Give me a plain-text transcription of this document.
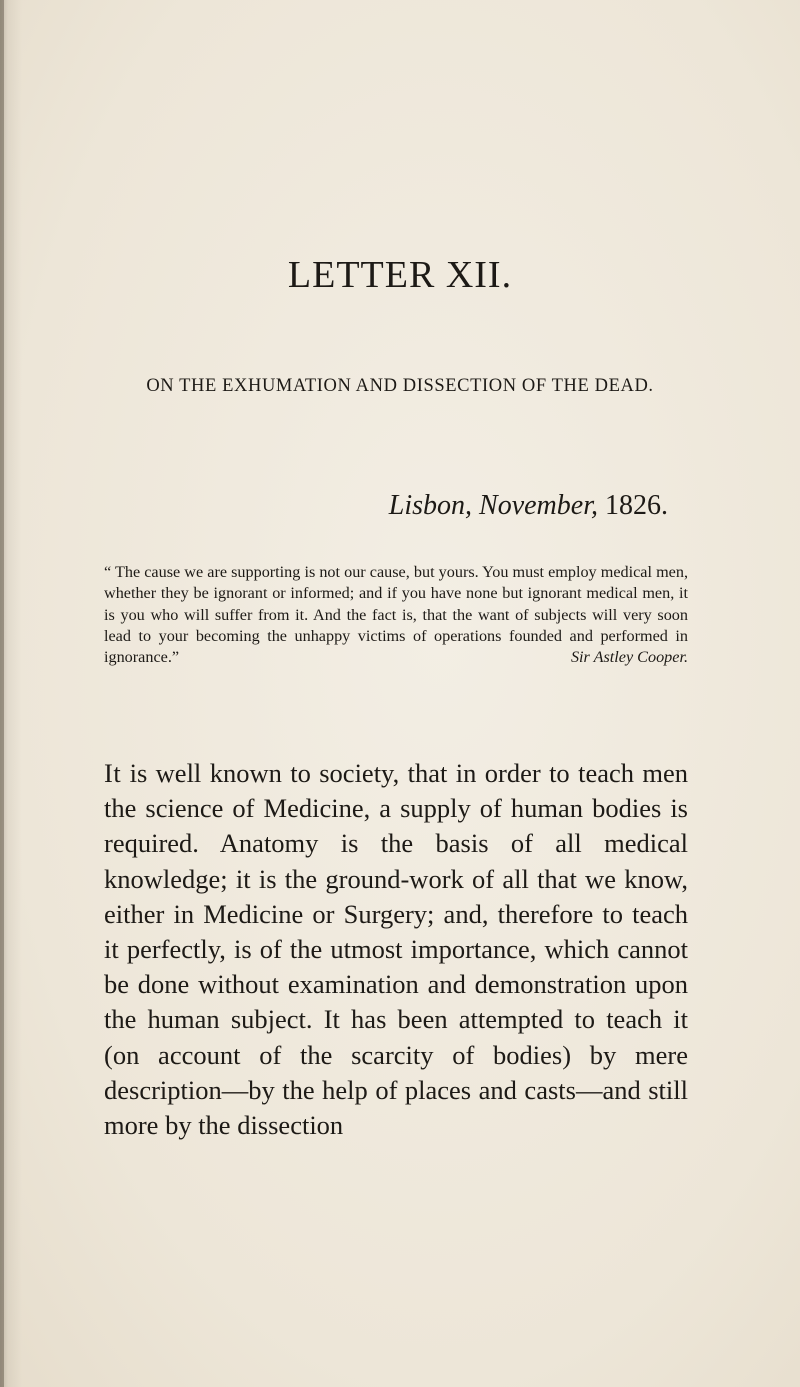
LETTER XII.

ON THE EXHUMATION AND DISSECTION OF THE DEAD.

Lisbon, November, 1826.

“ The cause we are supporting is not our cause, but yours. You must employ medical men, whether they be ignorant or informed; and if you have none but ignorant medical men, it is you who will suffer from it. And the fact is, that the want of subjects will very soon lead to your becoming the unhappy victims of operations founded and performed in ignorance.”	Sir Astley Cooper.

It is well known to society, that in order to teach men the science of Medicine, a supply of human bodies is required. Anatomy is the basis of all medical knowledge; it is the ground-work of all that we know, either in Medicine or Surgery; and, therefore to teach it perfectly, is of the utmost importance, which cannot be done without examination and demonstration upon the human subject. It has been attempted to teach it (on account of the scarcity of bodies) by mere description—by the help of places and casts—and still more by the dissection
